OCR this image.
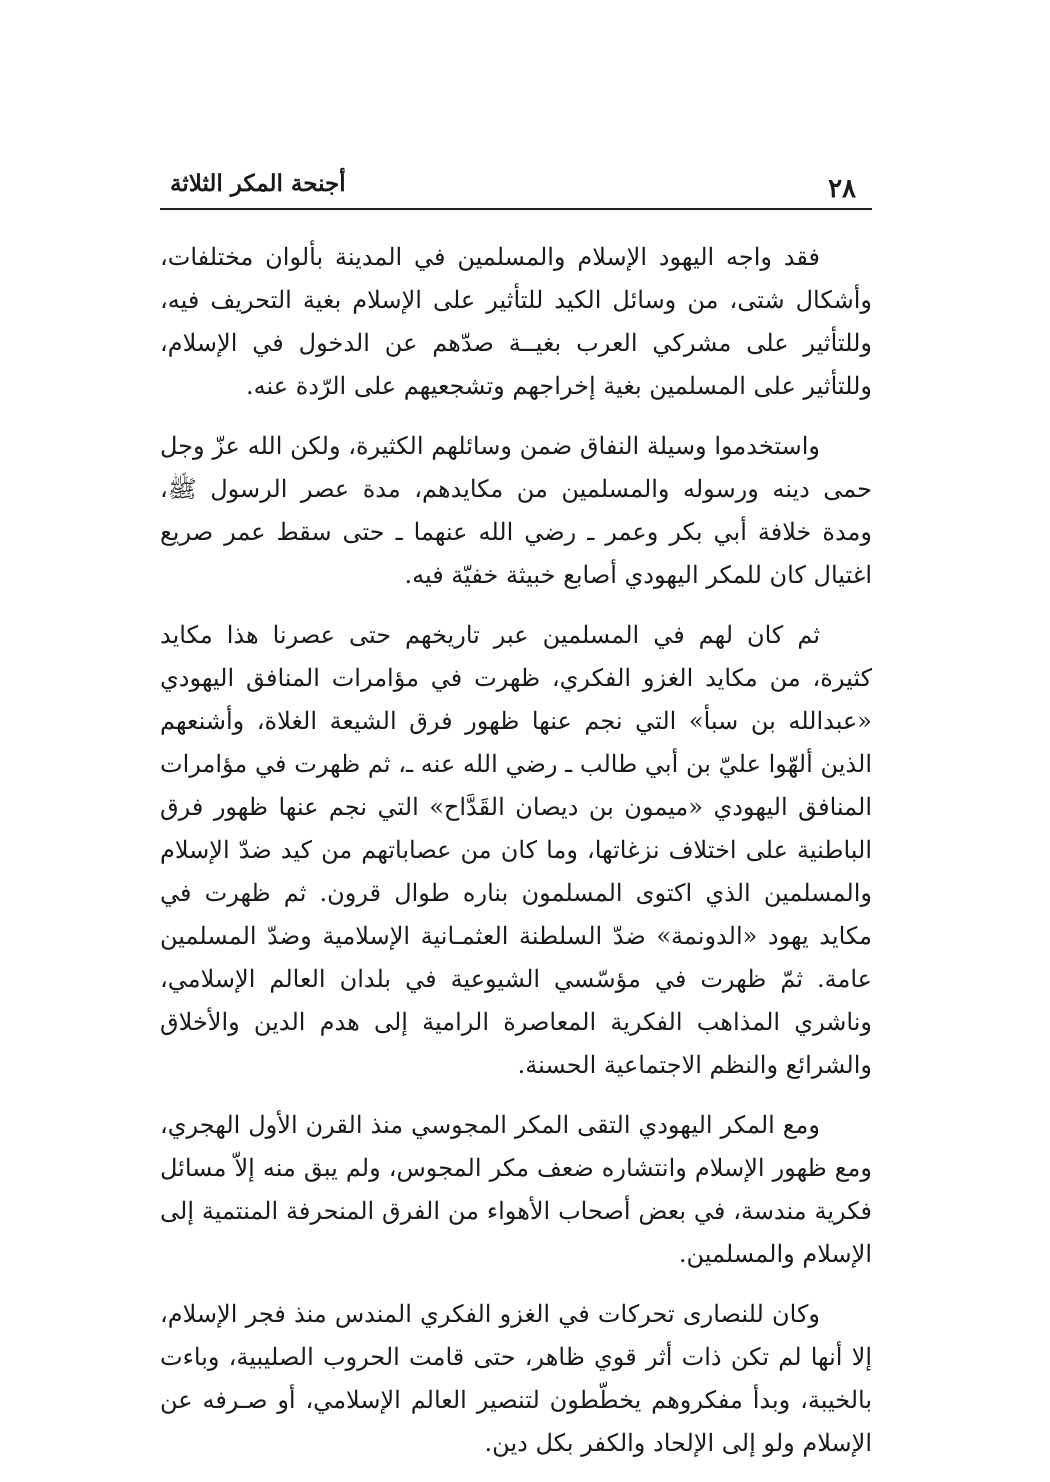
أجنحة المكر الثلاثة	٢٨

فقد واجه اليهود الإسلام والمسلمين في المدينة بألوان مختلفات، وأشكال شتى، من وسائل الكيد للتأثير على الإسلام بغية التحريف فيه، وللتأثير على مشركي العرب بغيــة صدّهم عن الدخول في الإسلام، وللتأثير على المسلمين بغية إخراجهم وتشجعيهم على الرّدة عنه.

واستخدموا وسيلة النفاق ضمن وسائلهم الكثيرة، ولكن الله عزّ وجل حمى دينه ورسوله والمسلمين من مكايدهم، مدة عصر الرسول ﷺ، ومدة خلافة أبي بكر وعمر ـ رضي الله عنهما ـ حتى سقط عمر صريع اغتيال كان للمكر اليهودي أصابع خبيثة خفيّة فيه.

ثم كان لهم في المسلمين عبر تاريخهم حتى عصرنا هذا مكايد كثيرة، من مكايد الغزو الفكري، ظهرت في مؤامرات المنافق اليهودي «عبدالله بن سبأ» التي نجم عنها ظهور فرق الشيعة الغلاة، وأشنعهم الذين ألهّوا عليّ بن أبي طالب ـ رضي الله عنه ـ، ثم ظهرت في مؤامرات المنافق اليهودي «ميمون بن ديصان القَدَّاح» التي نجم عنها ظهور فرق الباطنية على اختلاف نزغاتها، وما كان من عصاباتهم من كيد ضدّ الإسلام والمسلمين الذي اكتوى المسلمون بناره طوال قرون. ثم ظهرت في مكايد يهود «الدونمة» ضدّ السلطنة العثمـانية الإسلامية وضدّ المسلمين عامة. ثمّ ظهرت في مؤسّسي الشيوعية في بلدان العالم الإسلامي، وناشري المذاهب الفكرية المعاصرة الرامية إلى هدم الدين والأخلاق والشرائع والنظم الاجتماعية الحسنة.

ومع المكر اليهودي التقى المكر المجوسي منذ القرن الأول الهجري، ومع ظهور الإسلام وانتشاره ضعف مكر المجوس، ولم يبق منه إلاّ مسائل فكرية مندسة، في بعض أصحاب الأهواء من الفرق المنحرفة المنتمية إلى الإسلام والمسلمين.

وكان للنصارى تحركات في الغزو الفكري المندس منذ فجر الإسلام، إلا أنها لم تكن ذات أثر قوي ظاهر، حتى قامت الحروب الصليبية، وباءت بالخيبة، وبدأ مفكروهم يخطّطون لتنصير العالم الإسلامي، أو صـرفه عن الإسلام ولو إلى الإلحاد والكفر بكل دين.
